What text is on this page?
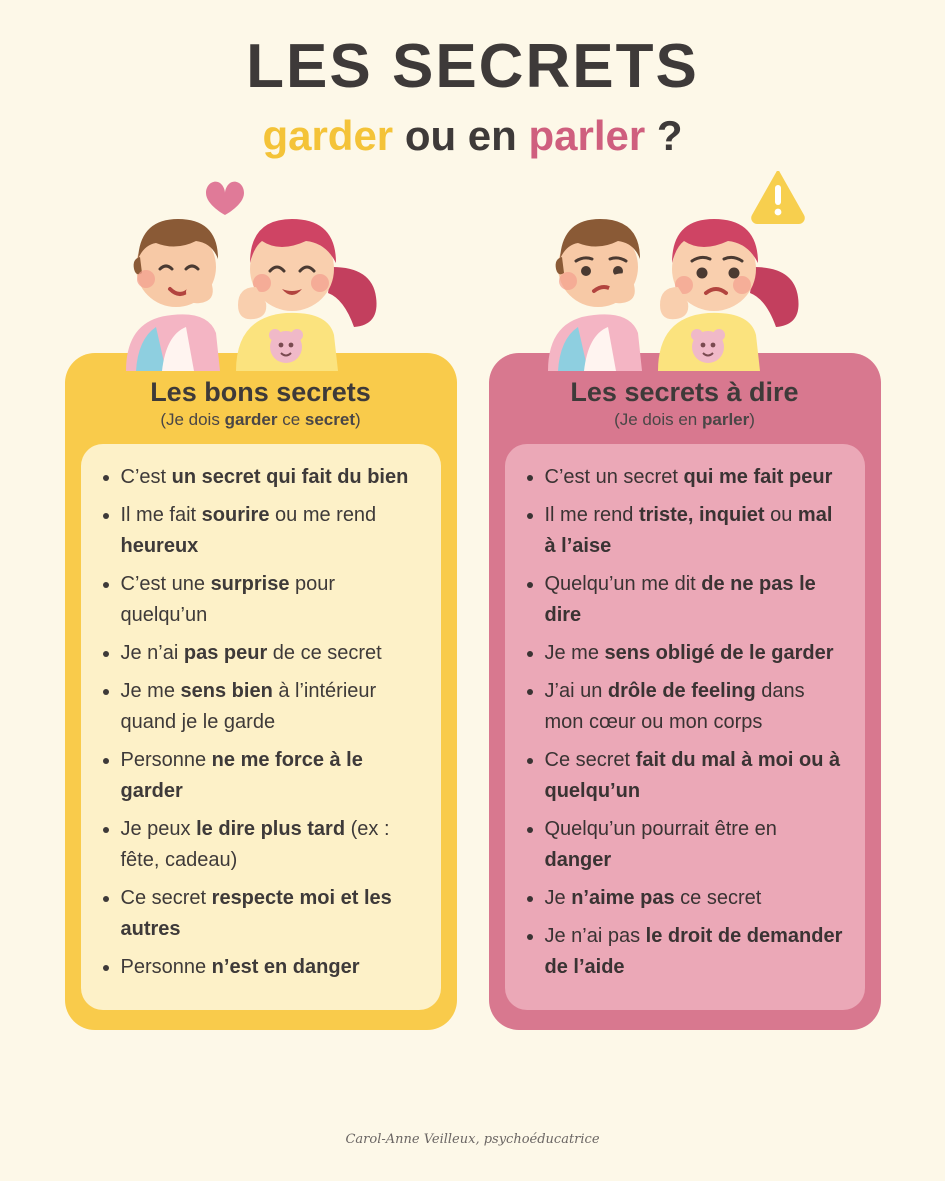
LES SECRETS
garder ou en parler ?
Les bons secrets
(Je dois garder ce secret)
• C’est un secret qui fait du bien
• Il me fait sourire ou me rend heureux
• C’est une surprise pour quelqu’un
• Je n’ai pas peur de ce secret
• Je me sens bien à l’intérieur quand je le garde
• Personne ne me force à le garder
• Je peux le dire plus tard (ex : fête, cadeau)
• Ce secret respecte moi et les autres
• Personne n’est en danger
Les secrets à dire
(Je dois en parler)
• C’est un secret qui me fait peur
• Il me rend triste, inquiet ou mal à l’aise
• Quelqu’un me dit de ne pas le dire
• Je me sens obligé de le garder
• J’ai un drôle de feeling dans mon cœur ou mon corps
• Ce secret fait du mal à moi ou à quelqu’un
• Quelqu’un pourrait être en danger
• Je n’aime pas ce secret
• Je n’ai pas le droit de demander de l’aide
Carol-Anne Veilleux, psychoéducatrice
